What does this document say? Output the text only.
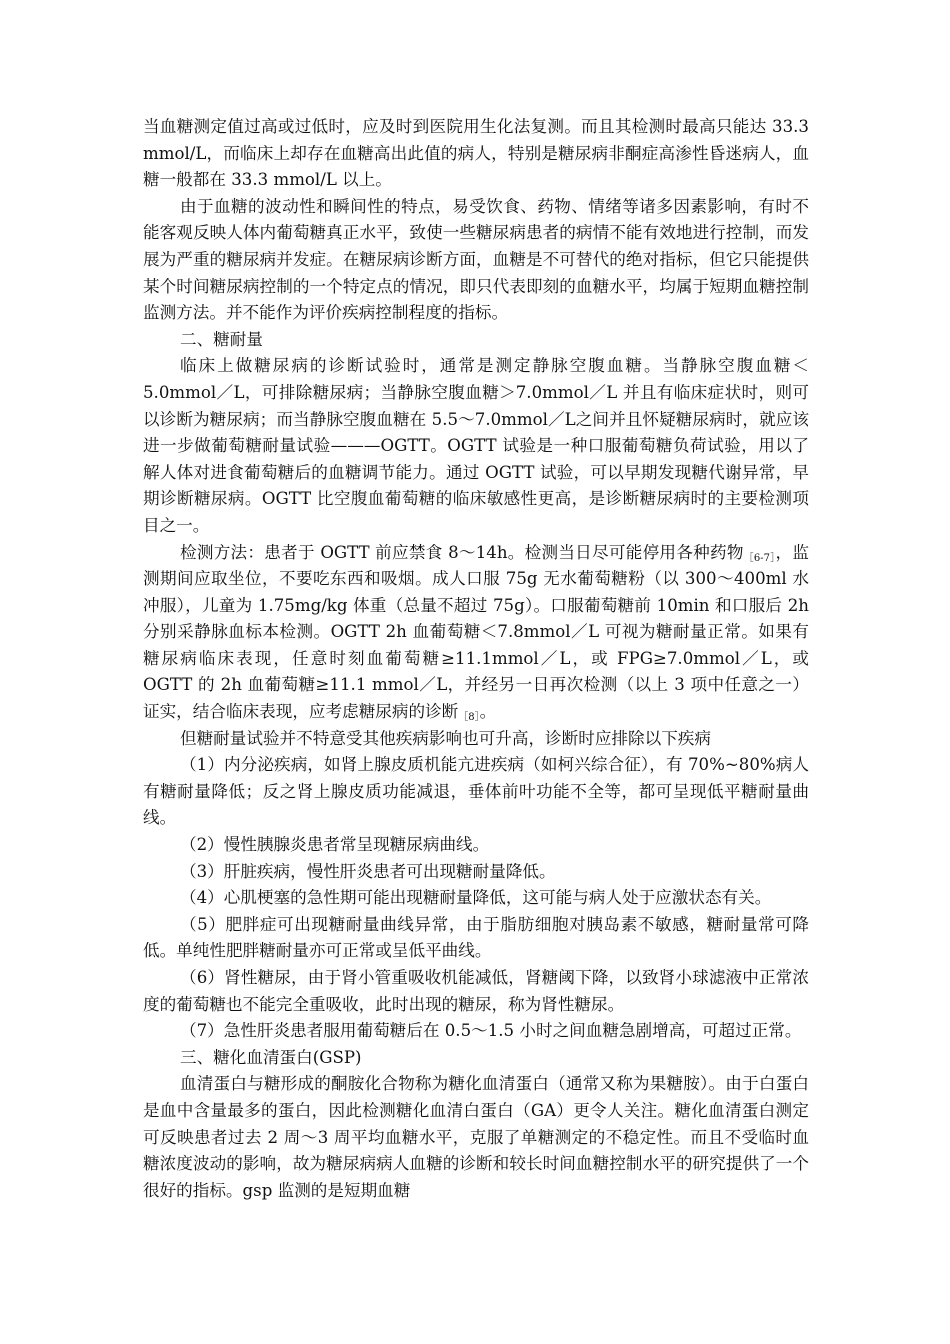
当血糖测定值过高或过低时，应及时到医院用生化法复测。而且其检测时最高只能达 33.3 mmol/L，而临床上却存在血糖高出此值的病人，特别是糖尿病非酮症高渗性昏迷病人，血糖一般都在 33.3 mmol/L 以上。

由于血糖的波动性和瞬间性的特点，易受饮食、药物、情绪等诸多因素影响，有时不能客观反映人体内葡萄糖真正水平，致使一些糖尿病患者的病情不能有效地进行控制，而发展为严重的糖尿病并发症。在糖尿病诊断方面，血糖是不可替代的绝对指标，但它只能提供某个时间糖尿病控制的一个特定点的情况，即只代表即刻的血糖水平，均属于短期血糖控制监测方法。并不能作为评价疾病控制程度的指标。

二、糖耐量

临床上做糖尿病的诊断试验时，通常是测定静脉空腹血糖。当静脉空腹血糖＜5.0mmol／L，可排除糖尿病；当静脉空腹血糖＞7.0mmol／L 并且有临床症状时，则可以诊断为糖尿病；而当静脉空腹血糖在 5.5～7.0mmol／L之间并且怀疑糖尿病时，就应该进一步做葡萄糖耐量试验———OGTT。OGTT 试验是一种口服葡萄糖负荷试验，用以了解人体对进食葡萄糖后的血糖调节能力。通过 OGTT 试验，可以早期发现糖代谢异常，早期诊断糖尿病。OGTT 比空腹血葡萄糖的临床敏感性更高，是诊断糖尿病时的主要检测项目之一。

检测方法：患者于 OGTT 前应禁食 8～14h。检测当日尽可能停用各种药物$_{[6-7]}$，监测期间应取坐位，不要吃东西和吸烟。成人口服 75g 无水葡萄糖粉（以 300～400ml 水冲服），儿童为 1.75mg/kg 体重（总量不超过 75g）。口服葡萄糖前 10min 和口服后 2h 分别采静脉血标本检测。OGTT 2h 血葡萄糖＜7.8mmol／L 可视为糖耐量正常。如果有糖尿病临床表现，任意时刻血葡萄糖≥11.1mmol／L，或 FPG≥7.0mmol／L，或 OGTT 的 2h 血葡萄糖≥11.1 mmol／L，并经另一日再次检测（以上 3 项中任意之一）证实，结合临床表现，应考虑糖尿病的诊断$_{[8]}$。

但糖耐量试验并不特意受其他疾病影响也可升高，诊断时应排除以下疾病

（1）内分泌疾病，如肾上腺皮质机能亢进疾病（如柯兴综合征），有 70%~80%病人有糖耐量降低；反之肾上腺皮质功能减退，垂体前叶功能不全等，都可呈现低平糖耐量曲线。

（2）慢性胰腺炎患者常呈现糖尿病曲线。

（3）肝脏疾病，慢性肝炎患者可出现糖耐量降低。

（4）心肌梗塞的急性期可能出现糖耐量降低，这可能与病人处于应激状态有关。

（5）肥胖症可出现糖耐量曲线异常，由于脂肪细胞对胰岛素不敏感，糖耐量常可降低。单纯性肥胖糖耐量亦可正常或呈低平曲线。

（6）肾性糖尿，由于肾小管重吸收机能减低，肾糖阈下降，以致肾小球滤液中正常浓度的葡萄糖也不能完全重吸收，此时出现的糖尿，称为肾性糖尿。

（7）急性肝炎患者服用葡萄糖后在 0.5～1.5 小时之间血糖急剧增高，可超过正常。

三、糖化血清蛋白(GSP)

血清蛋白与糖形成的酮胺化合物称为糖化血清蛋白（通常又称为果糖胺）。由于白蛋白是血中含量最多的蛋白，因此检测糖化血清白蛋白（GA）更令人关注。糖化血清蛋白测定可反映患者过去 2 周～3 周平均血糖水平，克服了单糖测定的不稳定性。而且不受临时血糖浓度波动的影响，故为糖尿病病人血糖的诊断和较长时间血糖控制水平的研究提供了一个很好的指标。gsp 监测的是短期血糖
